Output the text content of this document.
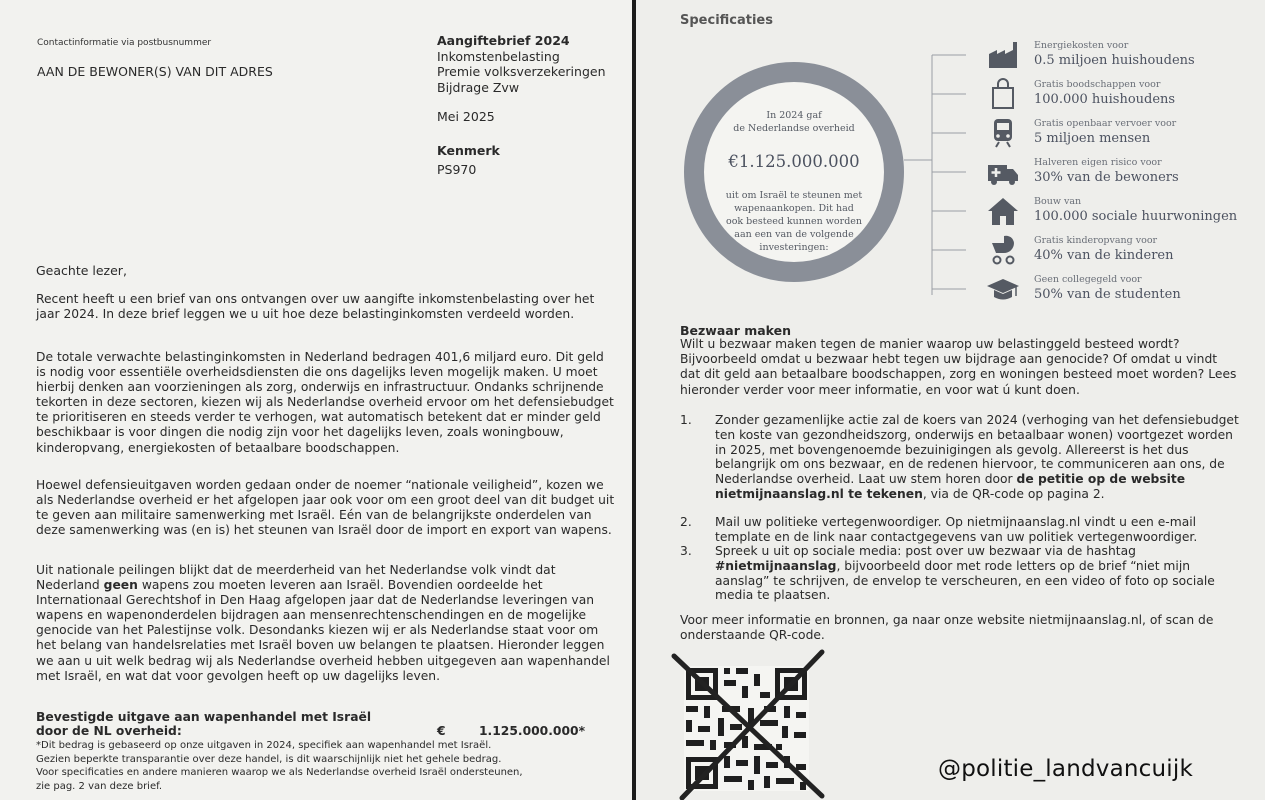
Contactinformatie via postbusnummer
AAN DE BEWONER(S) VAN DIT ADRES
Aangiftebrief 2024
Inkomstenbelasting
Premie volksverzekeringen
Bijdrage Zvw
Mei 2025
Kenmerk
PS970
Geachte lezer,

Recent heeft u een brief van ons ontvangen over uw aangifte inkomstenbelasting over het jaar 2024. In deze brief leggen we u uit hoe deze belastinginkomsten verdeeld worden.

De totale verwachte belastinginkomsten in Nederland bedragen 401,6 miljard euro. Dit geld is nodig voor essentiële overheidsdiensten die ons dagelijks leven mogelijk maken. U moet hierbij denken aan voorzieningen als zorg, onderwijs en infrastructuur. Ondanks schrijnende tekorten in deze sectoren, kiezen wij als Nederlandse overheid ervoor om het defensiebudget te prioritiseren en steeds verder te verhogen, wat automatisch betekent dat er minder geld beschikbaar is voor dingen die nodig zijn voor het dagelijks leven, zoals woningbouw, kinderopvang, energiekosten of betaalbare boodschappen.

Hoewel defensieuitgaven worden gedaan onder de noemer “nationale veiligheid”, kozen we als Nederlandse overheid er het afgelopen jaar ook voor om een groot deel van dit budget uit te geven aan militaire samenwerking met Israël. Eén van de belangrijkste onderdelen van deze samenwerking was (en is) het steunen van Israël door de import en export van wapens.

Uit nationale peilingen blijkt dat de meerderheid van het Nederlandse volk vindt dat Nederland geen wapens zou moeten leveren aan Israël. Bovendien oordeelde het Internationaal Gerechtshof in Den Haag afgelopen jaar dat de Nederlandse leveringen van wapens en wapenonderdelen bijdragen aan mensenrechtenschendingen en de mogelijke genocide van het Palestijnse volk. Desondanks kiezen wij er als Nederlandse staat voor om het belang van handelsrelaties met Israël boven uw belangen te plaatsen. Hieronder leggen we aan u uit welk bedrag wij als Nederlandse overheid hebben uitgegeven aan wapenhandel met Israël, en wat dat voor gevolgen heeft op uw dagelijks leven.

Bevestigde uitgave aan wapenhandel met Israël
door de NL overheid:	€	1.125.000.000*
*Dit bedrag is gebaseerd op onze uitgaven in 2024, specifiek aan wapenhandel met Israël.
Gezien beperkte transparantie over deze handel, is dit waarschijnlijk niet het gehele bedrag.
Voor specificaties en andere manieren waarop we als Nederlandse overheid Israël ondersteunen,
zie pag. 2 van deze brief.
Specificaties
In 2024 gaf
de Nederlandse overheid
€1.125.000.000
uit om Israël te steunen met
wapenaankopen. Dit had
ook besteed kunnen worden
aan een van de volgende
investeringen:
Energiekosten voor
0.5 miljoen huishoudens
Gratis boodschappen voor
100.000 huishoudens
Gratis openbaar vervoer voor
5 miljoen mensen
Halveren eigen risico voor
30% van de bewoners
Bouw van
100.000 sociale huurwoningen
Gratis kinderopvang voor
40% van de kinderen
Geen collegegeld voor
50% van de studenten
Bezwaar maken

Wilt u bezwaar maken tegen de manier waarop uw belastinggeld besteed wordt? Bijvoorbeeld omdat u bezwaar hebt tegen uw bijdrage aan genocide? Of omdat u vindt dat dit geld aan betaalbare boodschappen, zorg en woningen besteed moet worden? Lees hieronder verder voor meer informatie, en voor wat ú kunt doen.

1. Zonder gezamenlijke actie zal de koers van 2024 (verhoging van het defensiebudget ten koste van gezondheidszorg, onderwijs en betaalbaar wonen) voortgezet worden in 2025, met bovengenoemde bezuinigingen als gevolg. Allereerst is het dus belangrijk om ons bezwaar, en de redenen hiervoor, te communiceren aan ons, de Nederlandse overheid. Laat uw stem horen door de petitie op de website nietmijnaanslag.nl te tekenen, via de QR-code op pagina 2.
2. Mail uw politieke vertegenwoordiger. Op nietmijnaanslag.nl vindt u een e-mail template en de link naar contactgegevens van uw politiek vertegenwoordiger.
3. Spreek u uit op sociale media: post over uw bezwaar via de hashtag #nietmijnaanslag, bijvoorbeeld door met rode letters op de brief “niet mijn aanslag” te schrijven, de envelop te verscheuren, en een video of foto op sociale media te plaatsen.

Voor meer informatie en bronnen, ga naar onze website nietmijnaanslag.nl, of scan de onderstaande QR-code.

@politie_landvancuijk
